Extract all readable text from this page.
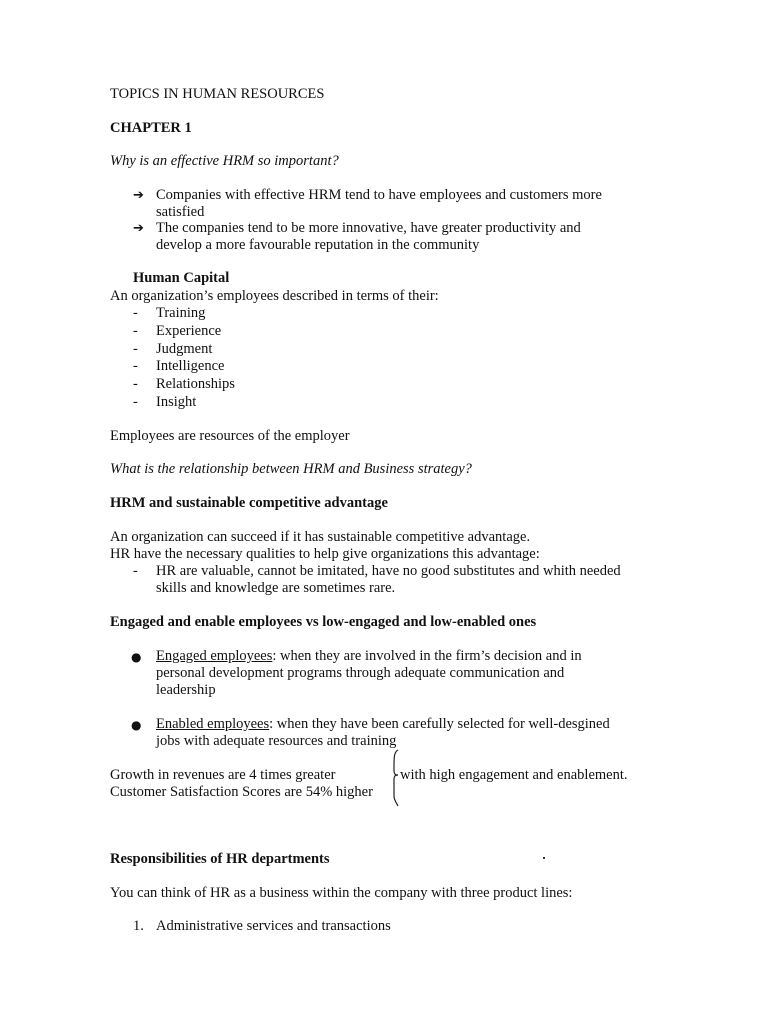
TOPICS IN HUMAN RESOURCES
CHAPTER 1
Why is an effective HRM so important?
➔ Companies with effective HRM tend to have employees and customers more
satisfied
➔ The companies tend to be more innovative, have greater productivity and
develop a more favourable reputation in the community
Human Capital
An organization’s employees described in terms of their:
- Training
- Experience
- Judgment
- Intelligence
- Relationships
- Insight
Employees are resources of the employer
What is the relationship between HRM and Business strategy?
HRM and sustainable competitive advantage
An organization can succeed if it has sustainable competitive advantage.
HR have the necessary qualities to help give organizations this advantage:
- HR are valuable, cannot be imitated, have no good substitutes and whith needed
skills and knowledge are sometimes rare.
Engaged and enable employees vs low-engaged and low-enabled ones
● Engaged employees: when they are involved in the firm’s decision and in
personal development programs through adequate communication and
leadership
● Enabled employees: when they have been carefully selected for well-desgined
jobs with adequate resources and training
Growth in revenues are 4 times greater
Customer Satisfaction Scores are 54% higher
with high engagement and enablement.
Responsibilities of HR departments
You can think of HR as a business within the company with three product lines:
1. Administrative services and transactions
